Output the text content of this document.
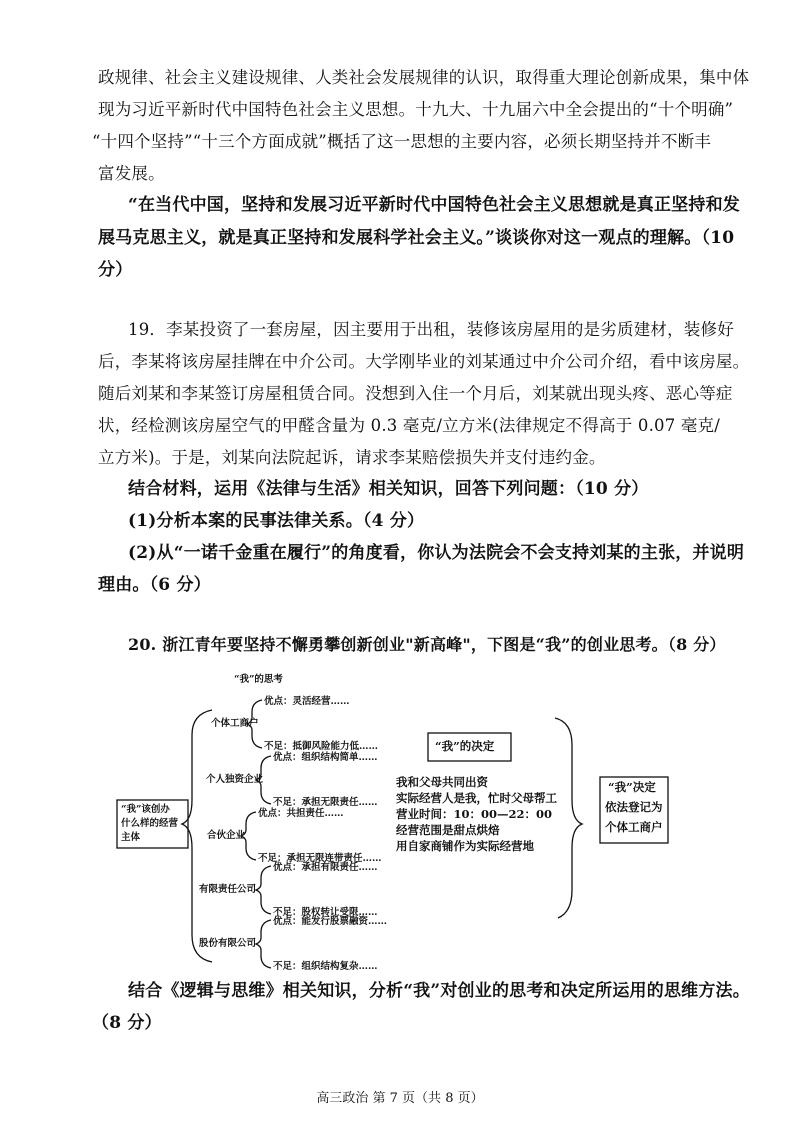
政规律、社会主义建设规律、人类社会发展规律的认识，取得重大理论创新成果，集中体
现为习近平新时代中国特色社会主义思想。十九大、十九届六中全会提出的“十个明确”
“十四个坚持”“十三个方面成就”概括了这一思想的主要内容，必须长期坚持并不断丰
富发展。
“在当代中国，坚持和发展习近平新时代中国特色社会主义思想就是真正坚持和发
展马克思主义，就是真正坚持和发展科学社会主义。”谈谈你对这一观点的理解。（10
分）
19．李某投资了一套房屋，因主要用于出租，装修该房屋用的是劣质建材，装修好
后，李某将该房屋挂牌在中介公司。大学刚毕业的刘某通过中介公司介绍，看中该房屋。
随后刘某和李某签订房屋租赁合同。没想到入住一个月后，刘某就出现头疼、恶心等症
状，经检测该房屋空气的甲醛含量为 0.3 毫克/立方米(法律规定不得高于 0.07 毫克/
立方米)。于是，刘某向法院起诉，请求李某赔偿损失并支付违约金。
结合材料，运用《法律与生活》相关知识，回答下列问题：（10 分）
(1)分析本案的民事法律关系。（4 分）
(2)从“一诺千金重在履行”的角度看，你认为法院会不会支持刘某的主张，并说明
理由。（6 分）
20. 浙江青年要坚持不懈勇攀创新创业"新高峰"，下图是“我”的创业思考。（8 分）
“我”的思考
“我”该创办
什么样的经营
主体
个体工商户
优点：灵活经营……
不足：抵御风险能力低……
个人独资企业
优点：组织结构简单……
不足：承担无限责任……
合伙企业
优点：共担责任……
不足：承担无限连带责任……
有限责任公司
优点：承担有限责任……
不足：股权转让受限……
股份有限公司
优点：能发行股票融资……
不足：组织结构复杂……
“我”的决定
我和父母共同出资
实际经营人是我，忙时父母帮工
营业时间：10：00—22：00
经营范围是甜点烘焙
用自家商铺作为实际经营地
“我”决定
依法登记为
个体工商户
结合《逻辑与思维》相关知识，分析“我”对创业的思考和决定所运用的思维方法。
（8 分）
高三政治 第 7 页（共 8 页）
